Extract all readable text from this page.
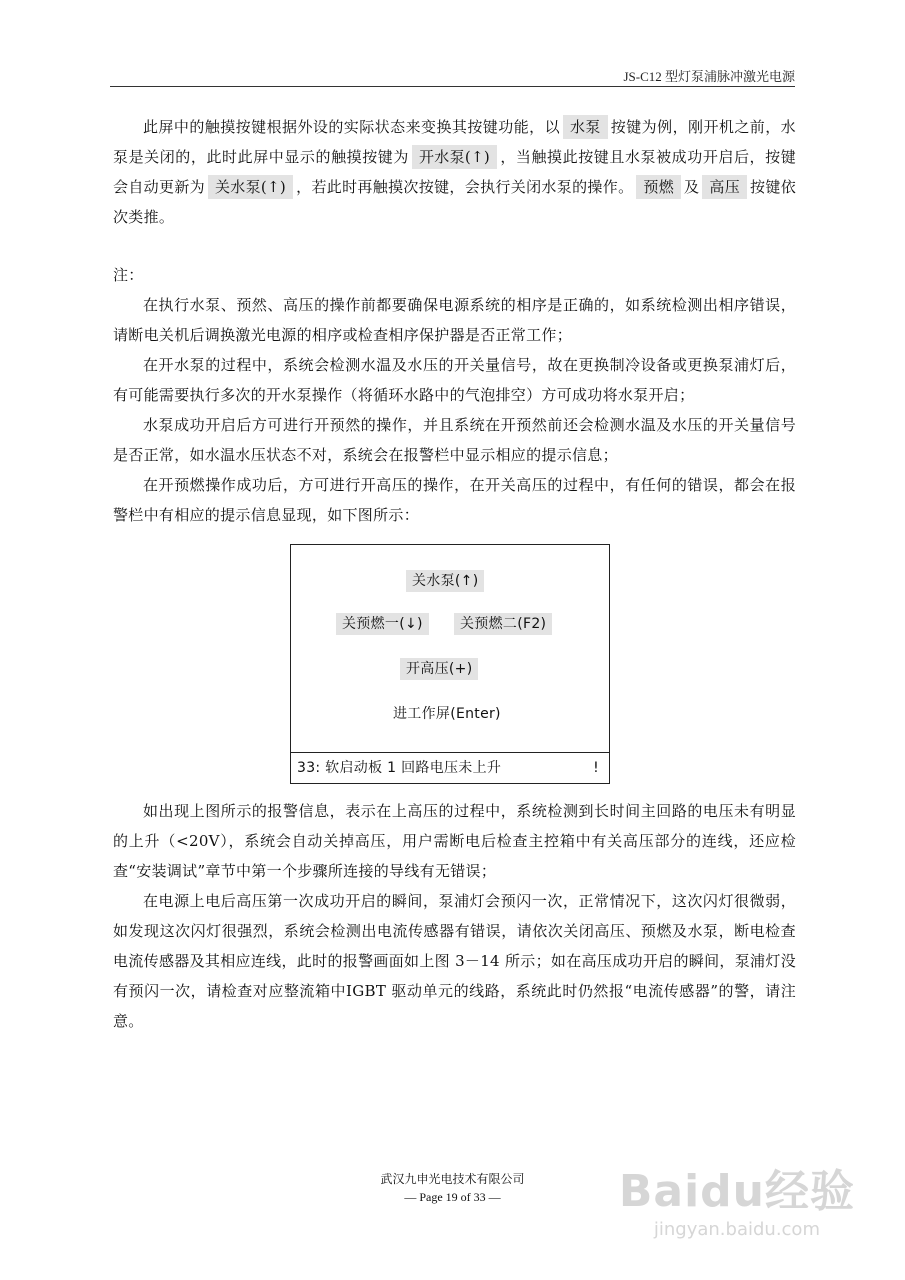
JS-C12 型灯泵浦脉冲激光电源

此屏中的触摸按键根据外设的实际状态来变换其按键功能，以 水泵 按键为例，刚开机之前，水泵是关闭的，此时此屏中显示的触摸按键为 开水泵(↑) ，当触摸此按键且水泵被成功开启后，按键会自动更新为 关水泵(↑) ，若此时再触摸次按键，会执行关闭水泵的操作。 预燃 及 高压 按键依次类推。

注：

在执行水泵、预然、高压的操作前都要确保电源系统的相序是正确的，如系统检测出相序错误，请断电关机后调换激光电源的相序或检查相序保护器是否正常工作；

在开水泵的过程中，系统会检测水温及水压的开关量信号，故在更换制冷设备或更换泵浦灯后，有可能需要执行多次的开水泵操作（将循环水路中的气泡排空）方可成功将水泵开启；

水泵成功开启后方可进行开预然的操作，并且系统在开预然前还会检测水温及水压的开关量信号是否正常，如水温水压状态不对，系统会在报警栏中显示相应的提示信息；

在开预燃操作成功后，方可进行开高压的操作，在开关高压的过程中，有任何的错误，都会在报警栏中有相应的提示信息显现，如下图所示：

关水泵(↑)
关预燃一(↓)	关预燃二(F2)
开高压(+)
进工作屏(Enter)
33: 软启动板 1 回路电压未上升	!

如出现上图所示的报警信息，表示在上高压的过程中，系统检测到长时间主回路的电压未有明显的上升（<20V），系统会自动关掉高压，用户需断电后检查主控箱中有关高压部分的连线，还应检查“安装调试”章节中第一个步骤所连接的导线有无错误；

在电源上电后高压第一次成功开启的瞬间，泵浦灯会预闪一次，正常情况下，这次闪灯很微弱，如发现这次闪灯很强烈，系统会检测出电流传感器有错误，请依次关闭高压、预燃及水泵，断电检查电流传感器及其相应连线，此时的报警画面如上图 3－14 所示；如在高压成功开启的瞬间，泵浦灯没有预闪一次，请检查对应整流箱中IGBT 驱动单元的线路，系统此时仍然报“电流传感器”的警，请注意。

武汉九申光电技术有限公司
— Page 19 of 33 —	Baidu经验
jingyan.baidu.com
